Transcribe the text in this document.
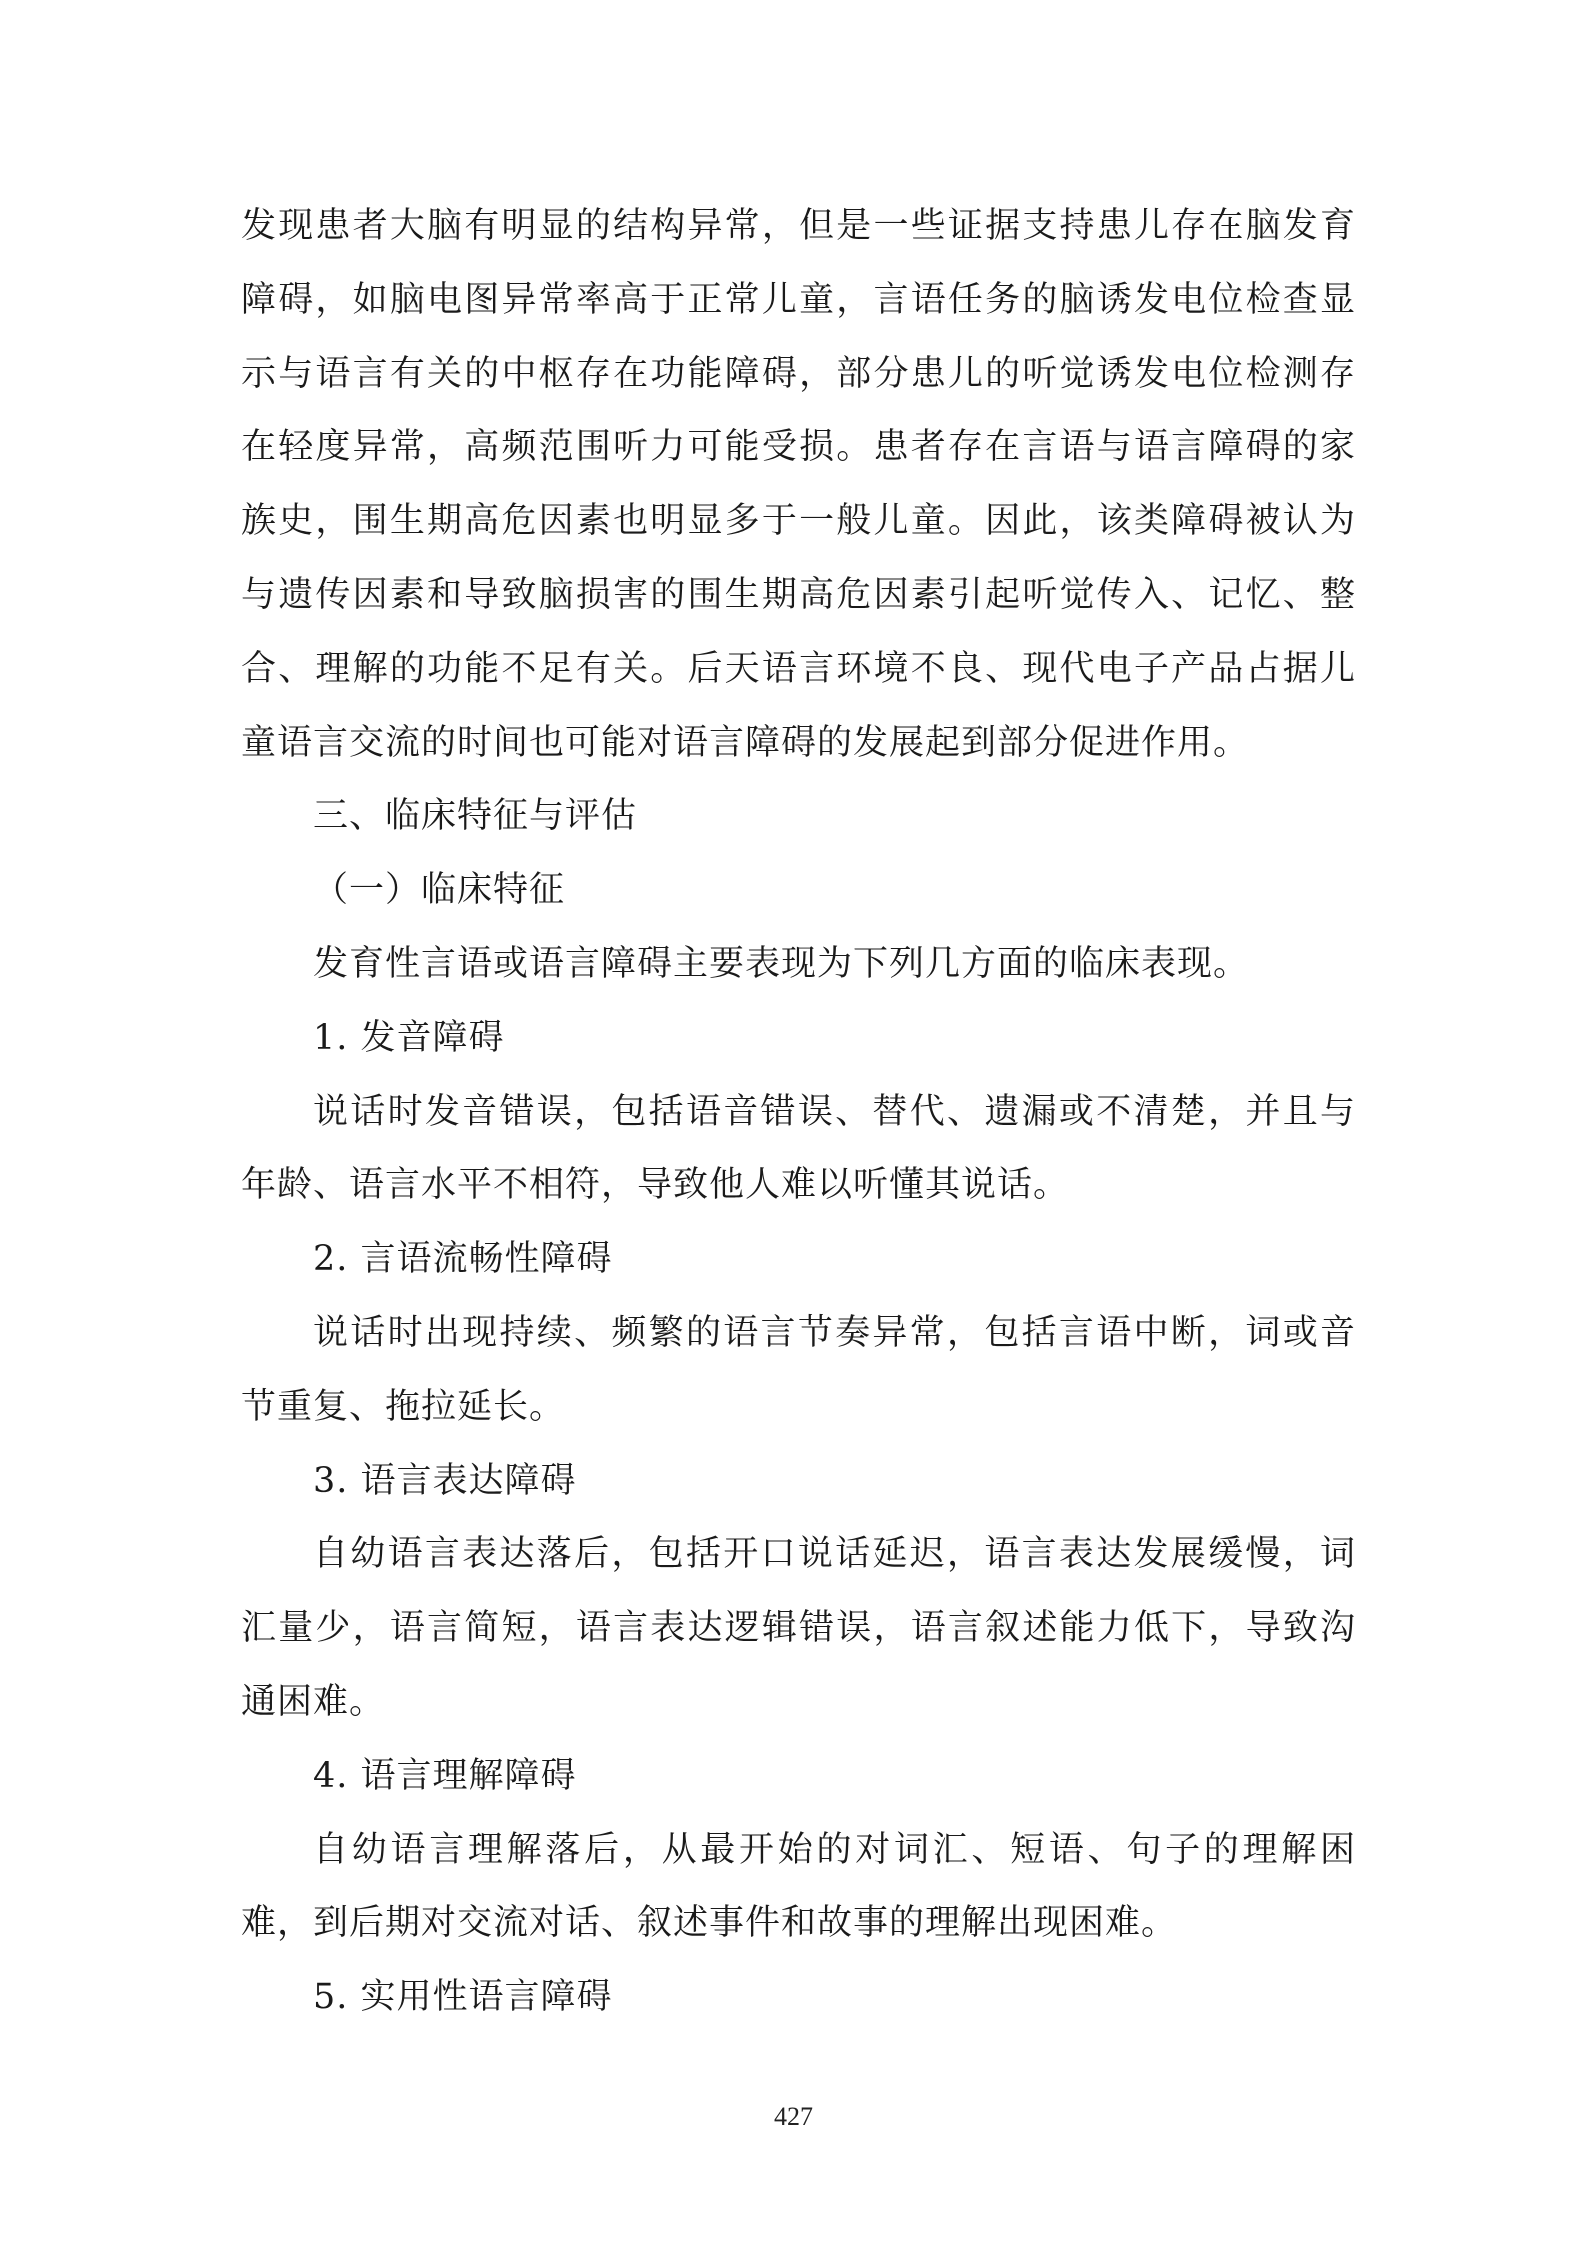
发现患者大脑有明显的结构异常，但是一些证据支持患儿存在脑发育障碍，如脑电图异常率高于正常儿童，言语任务的脑诱发电位检查显示与语言有关的中枢存在功能障碍，部分患儿的听觉诱发电位检测存在轻度异常，高频范围听力可能受损。患者存在言语与语言障碍的家族史，围生期高危因素也明显多于一般儿童。因此，该类障碍被认为与遗传因素和导致脑损害的围生期高危因素引起听觉传入、记忆、整合、理解的功能不足有关。后天语言环境不良、现代电子产品占据儿童语言交流的时间也可能对语言障碍的发展起到部分促进作用。

三、临床特征与评估

（一）临床特征

发育性言语或语言障碍主要表现为下列几方面的临床表现。

1. 发音障碍

说话时发音错误，包括语音错误、替代、遗漏或不清楚，并且与年龄、语言水平不相符，导致他人难以听懂其说话。

2. 言语流畅性障碍

说话时出现持续、频繁的语言节奏异常，包括言语中断，词或音节重复、拖拉延长。

3. 语言表达障碍

自幼语言表达落后，包括开口说话延迟，语言表达发展缓慢，词汇量少，语言简短，语言表达逻辑错误，语言叙述能力低下，导致沟通困难。

4. 语言理解障碍

自幼语言理解落后，从最开始的对词汇、短语、句子的理解困难，到后期对交流对话、叙述事件和故事的理解出现困难。

5. 实用性语言障碍

427
